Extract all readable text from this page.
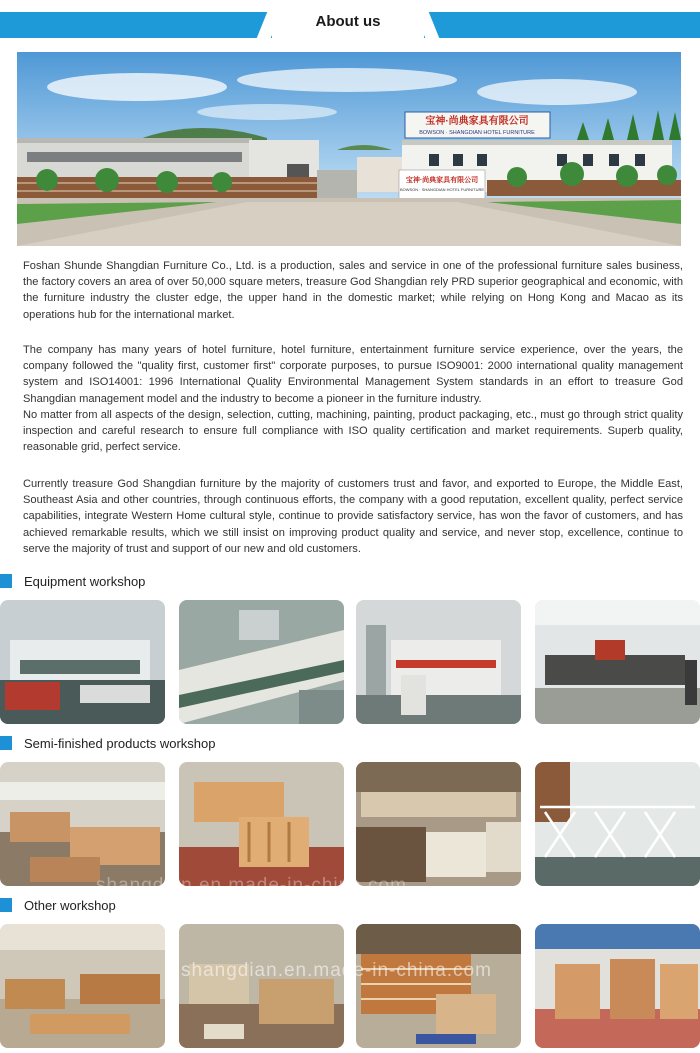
About us
宝神·尚典家具有限公司
BOWSON · SHANGDIAN HOTEL FURNITURE
宝神·尚典家具有限公司
BOWSON · SHANGDIAN HOTEL FURNITURE

Foshan Shunde Shangdian Furniture Co., Ltd. is a production, sales and service in one of the professional furniture sales business, the factory covers an area of over 50,000 square meters, treasure God Shangdian rely PRD superior geographical and economic, with the furniture industry the cluster edge, the upper hand in the domestic market; while relying on Hong Kong and Macao as its operations hub for the international market.

The company has many years of hotel furniture, hotel furniture, entertainment furniture service experience, over the years, the company followed the "quality first, customer first" corporate purposes, to pursue ISO9001: 2000 international quality management system and ISO14001: 1996 International Quality Environmental Management System standards in an effort to treasure God Shangdian management model and the industry to become a pioneer in the furniture industry.

No matter from all aspects of the design, selection, cutting, machining, painting, product packaging, etc., must go through strict quality inspection and careful research to ensure full compliance with ISO quality certification and market requirements. Superb quality, reasonable grid, perfect service.

Currently treasure God Shangdian furniture by the majority of customers trust and favor, and exported to Europe, the Middle East, Southeast Asia and other countries, through continuous efforts, the company with a good reputation, excellent quality, perfect service capabilities, integrate Western Home cultural style, continue to provide satisfactory service, has won the favor of customers, and has achieved remarkable results, which we still insist on improving product quality and service, and never stop, excellence, continue to serve the majority of trust and support of our new and old customers.

Equipment workshop
Semi-finished products workshop
shangdian.en.made-in-china.com
Other workshop
shangdian.en.made-in-china.com
